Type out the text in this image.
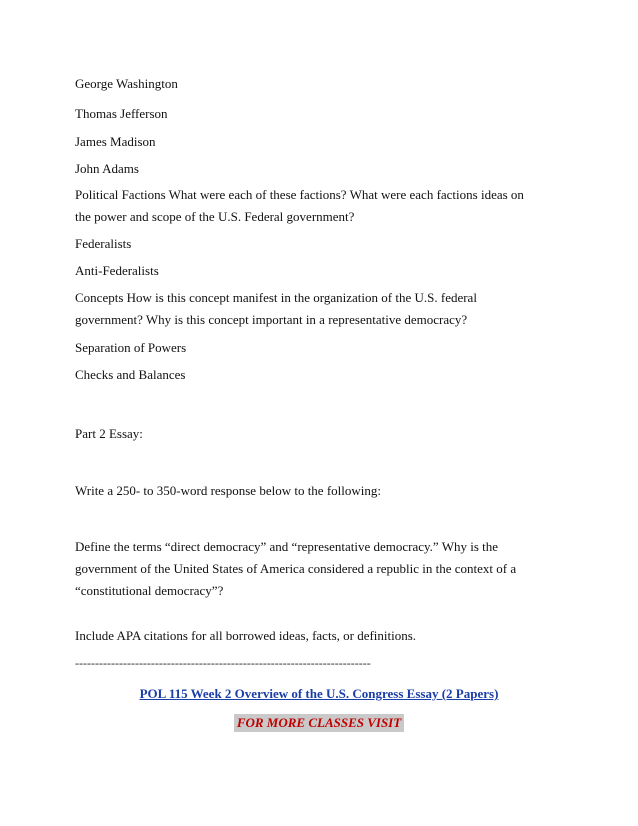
George Washington

Thomas Jefferson

James Madison

John Adams

Political Factions What were each of these factions? What were each factions ideas on

the power and scope of the U.S. Federal government?

Federalists

Anti-Federalists

Concepts How is this concept manifest in the organization of the U.S. federal

government? Why is this concept important in a representative democracy?

Separation of Powers

Checks and Balances

Part 2 Essay:

Write a 250- to 350-word response below to the following:

Define the terms “direct democracy” and “representative democracy.” Why is the

government of the United States of America considered a republic in the context of a

“constitutional democracy”?

Include APA citations for all borrowed ideas, facts, or definitions.

--------------------------------------------------------------------------

POL 115 Week 2 Overview of the U.S. Congress Essay (2 Papers)
FOR MORE CLASSES VISIT
